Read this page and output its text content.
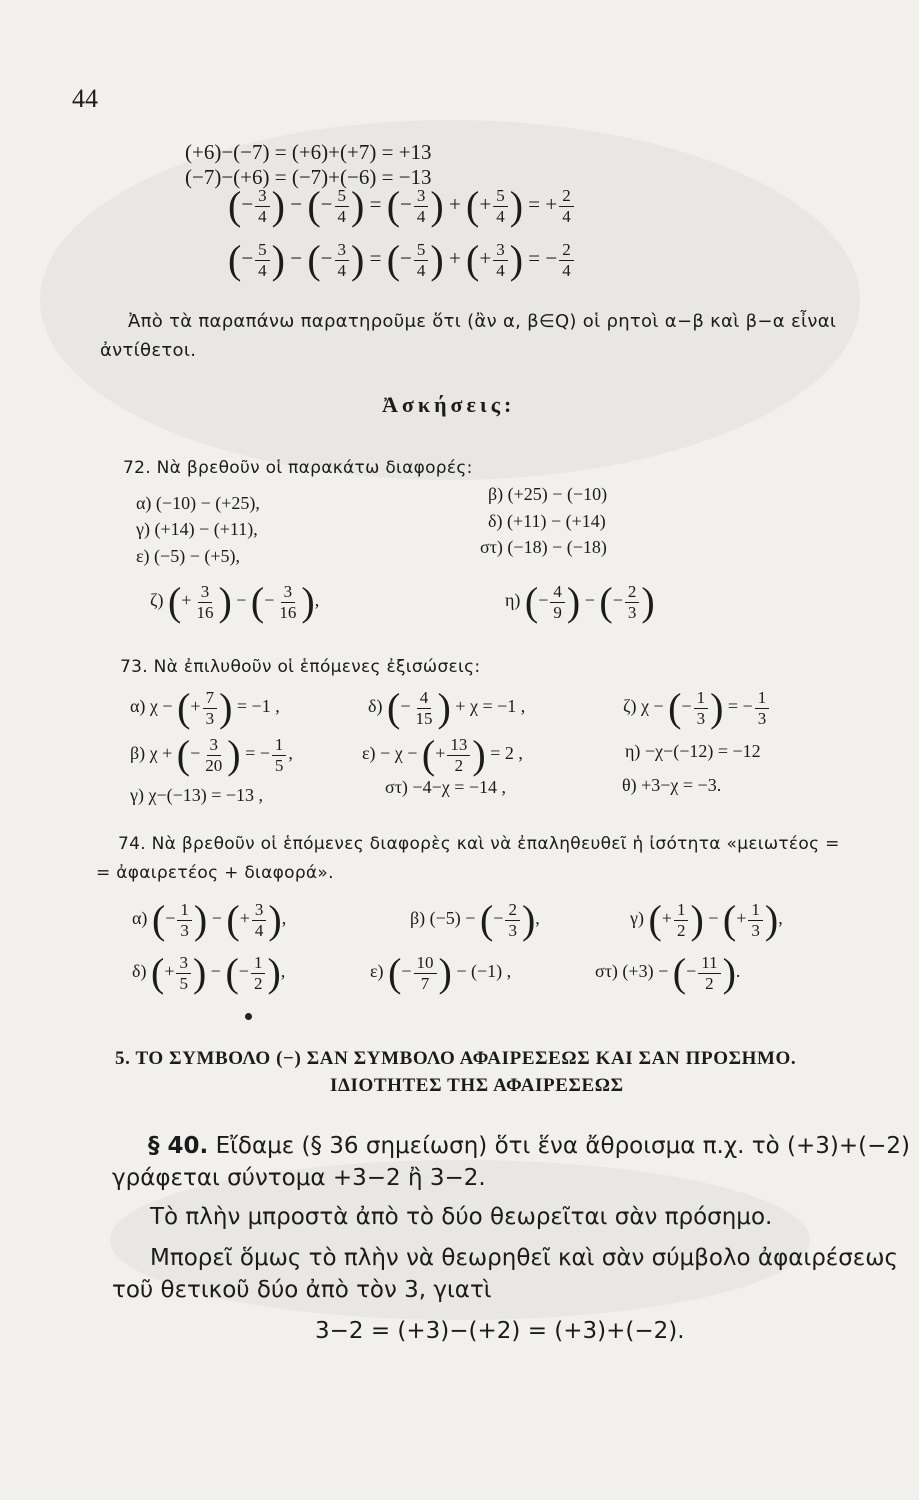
44
(+6)−(−7) = (+6)+(+7) = +13
(−7)−(+6) = (−7)+(−6) = −13
(− $\frac{3}{4}$ ) − (− $\frac{5}{4}$ ) = (− $\frac{3}{4}$ ) + (+ $\frac{5}{4}$ ) = + $\frac{2}{4}$
(− $\frac{5}{4}$ ) − (− $\frac{3}{4}$ ) = (− $\frac{5}{4}$ ) + (+ $\frac{3}{4}$ ) = − $\frac{2}{4}$
Ἀπὸ τὰ παραπάνω παρατηροῦμε ὅτι (ἂν α, β∈Q) οἱ ρητοὶ α−β καὶ β−α εἶναι
ἀντίθετοι.
Ἀσκήσεις:
72. Νὰ βρεθοῦν οἱ παρακάτω διαφορές:
α) (−10) − (+25),	β) (+25) − (−10)
γ) (+14) − (+11),	δ) (+11) − (+14)
ε) (−5) − (+5),	στ) (−18) − (−18)
ζ) (+ $\frac{3}{16}$ ) − (− $\frac{3}{16}$ ),	η) (− $\frac{4}{9}$ ) − (− $\frac{2}{3}$ )
73. Νὰ ἐπιλυθοῦν οἱ ἑπόμενες ἐξισώσεις:
α) χ − (+ $\frac{7}{3}$ ) = −1 ,	δ) (− $\frac{4}{15}$ ) + χ = −1 ,	ζ) χ − (− $\frac{1}{3}$ ) = − $\frac{1}{3}$
β) χ + (− $\frac{3}{20}$ ) = − $\frac{1}{5}$ ,	ε) − χ − (+ $\frac{13}{2}$ ) = 2 ,	η) −χ−(−12) = −12
γ) χ−(−13) = −13 ,	στ) −4−χ = −14 ,	θ) +3−χ = −3.
74. Νὰ βρεθοῦν οἱ ἑπόμενες διαφορὲς καὶ νὰ ἐπαληθευθεῖ ἡ ἰσότητα «μειωτέος =
= ἀφαιρετέος + διαφορά».
α) (− $\frac{1}{3}$ ) − (+ $\frac{3}{4}$ ),	β) (−5) − (− $\frac{2}{3}$ ),	γ) (+ $\frac{1}{2}$ ) − (+ $\frac{1}{3}$ ),
δ) (+ $\frac{3}{5}$ ) − (− $\frac{1}{2}$ ),	ε) (− $\frac{10}{7}$ ) − (−1) ,	στ) (+3) − (− $\frac{11}{2}$ ).
5. ΤΟ ΣΥΜΒΟΛΟ (−) ΣΑΝ ΣΥΜΒΟΛΟ ΑΦΑΙΡΕΣΕΩΣ ΚΑΙ ΣΑΝ ΠΡΟΣΗΜΟ.
ΙΔΙΟΤΗΤΕΣ ΤΗΣ ΑΦΑΙΡΕΣΕΩΣ
§ 40. Εἴδαμε (§ 36 σημείωση) ὅτι ἕνα ἄθροισμα π.χ. τὸ (+3)+(−2)
γράφεται σύντομα +3−2 ἢ 3−2.
Τὸ πλὴν μπροστὰ ἀπὸ τὸ δύο θεωρεῖται σὰν πρόσημο.
Μπορεῖ ὅμως τὸ πλὴν νὰ θεωρηθεῖ καὶ σὰν σύμβολο ἀφαιρέσεως
τοῦ θετικοῦ δύο ἀπὸ τὸν 3, γιατὶ
3−2 = (+3)−(+2) = (+3)+(−2).
